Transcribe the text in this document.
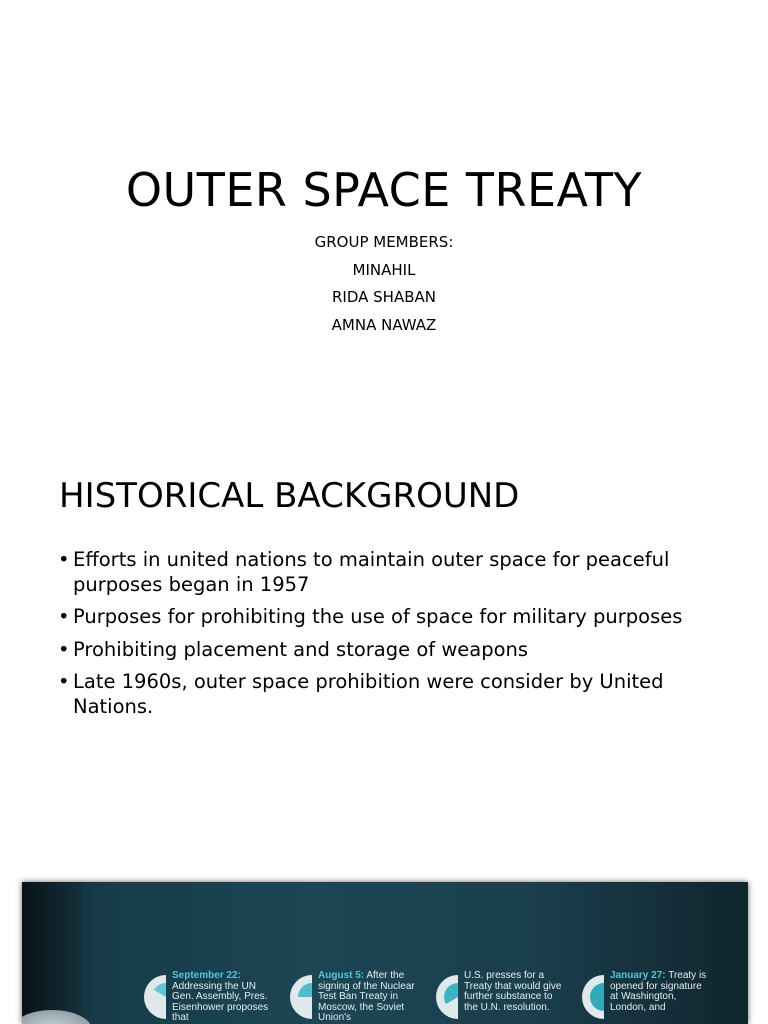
OUTER SPACE TREATY
GROUP MEMBERS:
MINAHIL
RIDA SHABAN
AMNA NAWAZ
HISTORICAL BACKGROUND
• Efforts in united nations to maintain outer space for peaceful purposes began in 1957
• Purposes for prohibiting the use of space for military purposes
• Prohibiting placement and storage of weapons
• Late 1960s, outer space prohibition were consider by United Nations.
September 22: Addressing the UN Gen. Assembly, Pres. Eisenhower proposes that
August 5: After the signing of the Nuclear Test Ban Treaty in Moscow, the Soviet Union's
U.S. presses for a Treaty that would give further substance to the U.N. resolution.
January 27: Treaty is opened for signature at Washington, London, and
